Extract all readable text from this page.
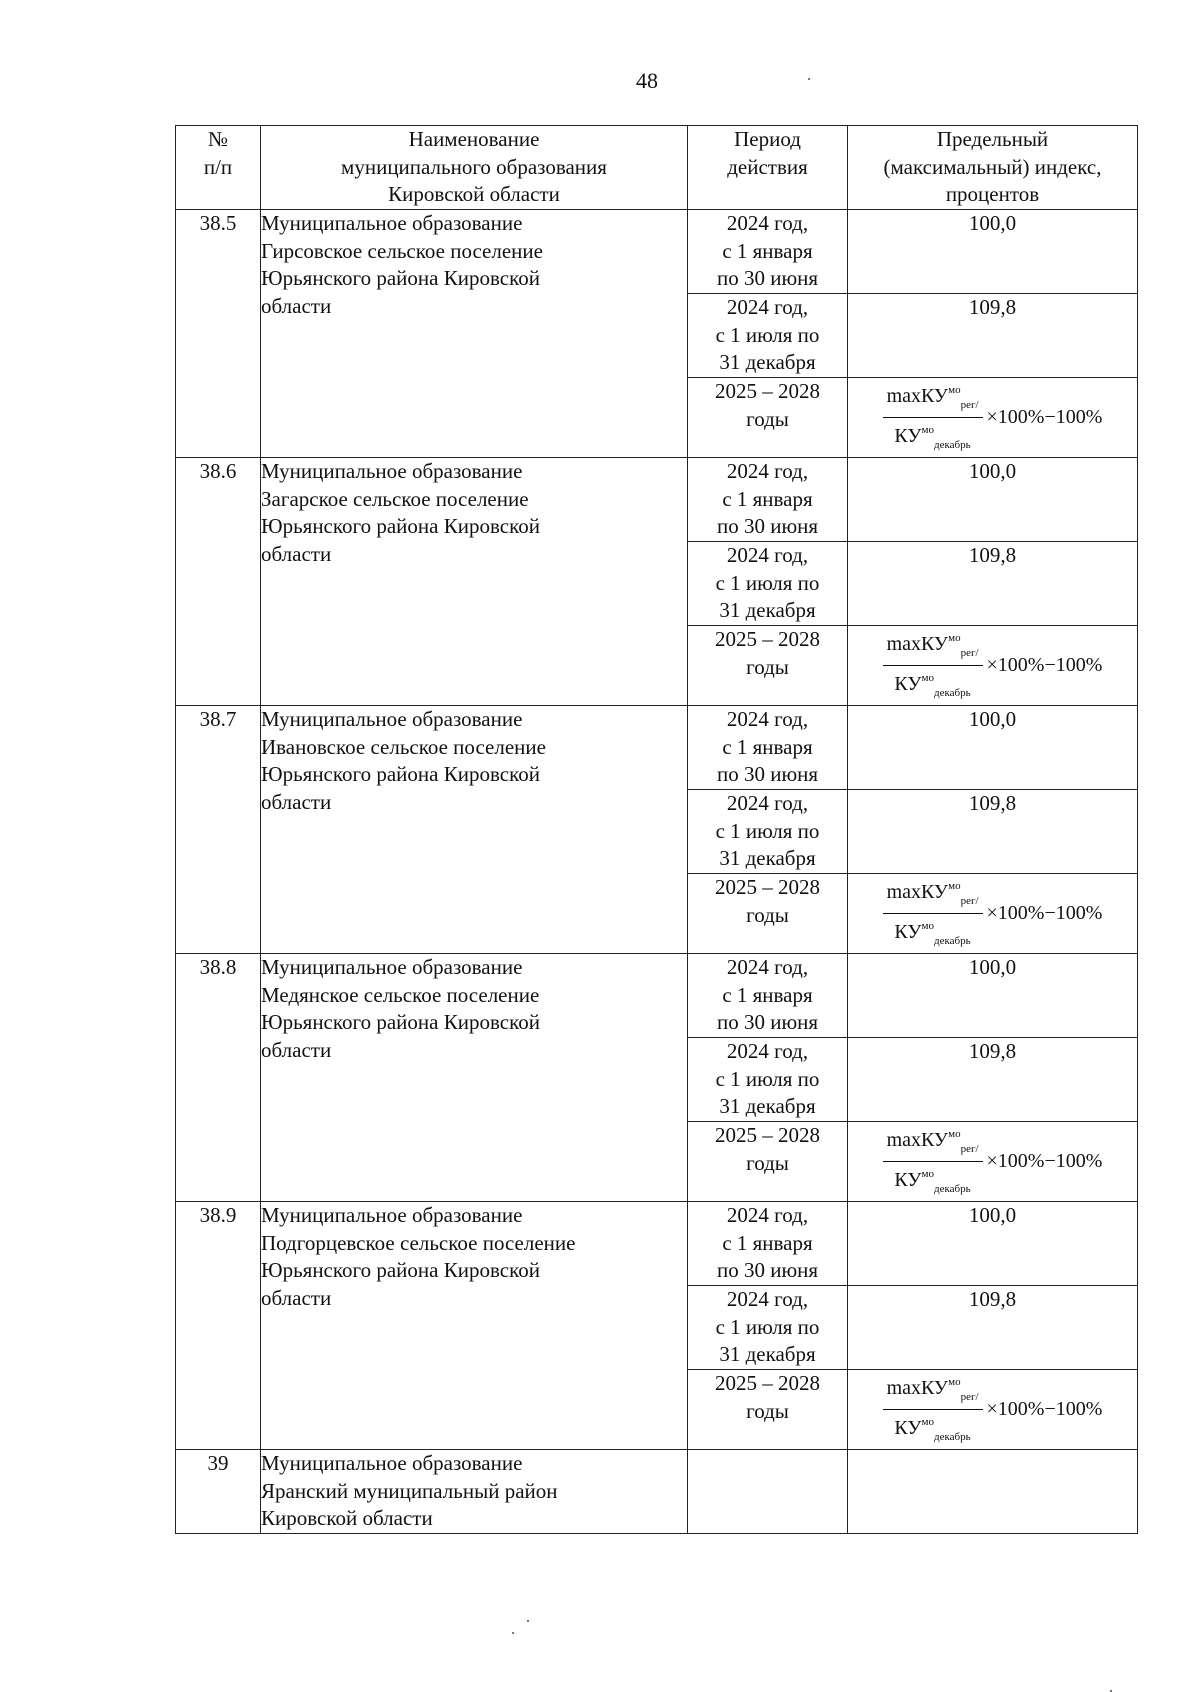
48
№
п/п	Наименование
муниципального образования
Кировской области	Период
действия	Предельный
(максимальный) индекс,
процентов

38.5	Муниципальное образование
Гирсовское сельское поселение
Юрьянского района Кировской
области	2024 год,
с 1 января
по 30 июня	100,0

		2024 год,
с 1 июля по
31 декабря	109,8

		2025 – 2028
годы	$\frac{\max КУ^{мо}_{рег/}}{КУ^{мо}_{декабрь}} \times 100\%-100\%$

38.6	Муниципальное образование
Загарское сельское поселение
Юрьянского района Кировской
области	2024 год,
с 1 января
по 30 июня	100,0

		2024 год,
с 1 июля по
31 декабря	109,8

		2025 – 2028
годы	$\frac{\max КУ^{мо}_{рег/}}{КУ^{мо}_{декабрь}} \times 100\%-100\%$

38.7	Муниципальное образование
Ивановское сельское поселение
Юрьянского района Кировской
области	2024 год,
с 1 января
по 30 июня	100,0

		2024 год,
с 1 июля по
31 декабря	109,8

		2025 – 2028
годы	$\frac{\max КУ^{мо}_{рег/}}{КУ^{мо}_{декабрь}} \times 100\%-100\%$

38.8	Муниципальное образование
Медянское сельское поселение
Юрьянского района Кировской
области	2024 год,
с 1 января
по 30 июня	100,0

		2024 год,
с 1 июля по
31 декабря	109,8

		2025 – 2028
годы	$\frac{\max КУ^{мо}_{рег/}}{КУ^{мо}_{декабрь}} \times 100\%-100\%$

38.9	Муниципальное образование
Подгорцевское сельское поселение
Юрьянского района Кировской
области	2024 год,
с 1 января
по 30 июня	100,0

		2024 год,
с 1 июля по
31 декабря	109,8

		2025 – 2028
годы	$\frac{\max КУ^{мо}_{рег/}}{КУ^{мо}_{декабрь}} \times 100\%-100\%$

39	Муниципальное образование
Яранский муниципальный район
Кировской области		
